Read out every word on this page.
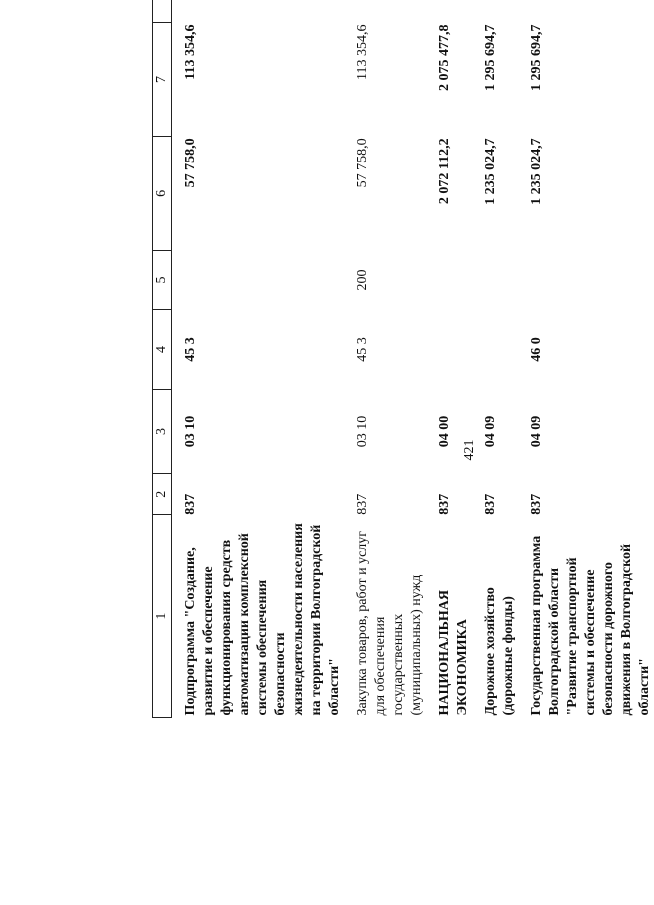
421
1	2	3	4	5	6	7	
Подпрограмма "Создание, развитие и обеспечение функционирования средств автоматизации комплексной системы обеспечения безопасности жизнедеятельности населения на территории Волгоградской области"	837	03 10	45 3		57 758,0	113 354,6	
Закупка товаров, работ и услуг для обеспечения государственных (муниципальных) нужд	837	03 10	45 3	200	57 758,0	113 354,6	
НАЦИОНАЛЬНАЯ ЭКОНОМИКА	837	04 00			2 072 112,2	2 075 477,8	
Дорожное хозяйство (дорожные фонды)	837	04 09			1 235 024,7	1 295 694,7	
Государственная программа Волгоградской области "Развитие транспортной системы и обеспечение безопасности дорожного движения в Волгоградской области"	837	04 09	46 0		1 235 024,7	1 295 694,7	
